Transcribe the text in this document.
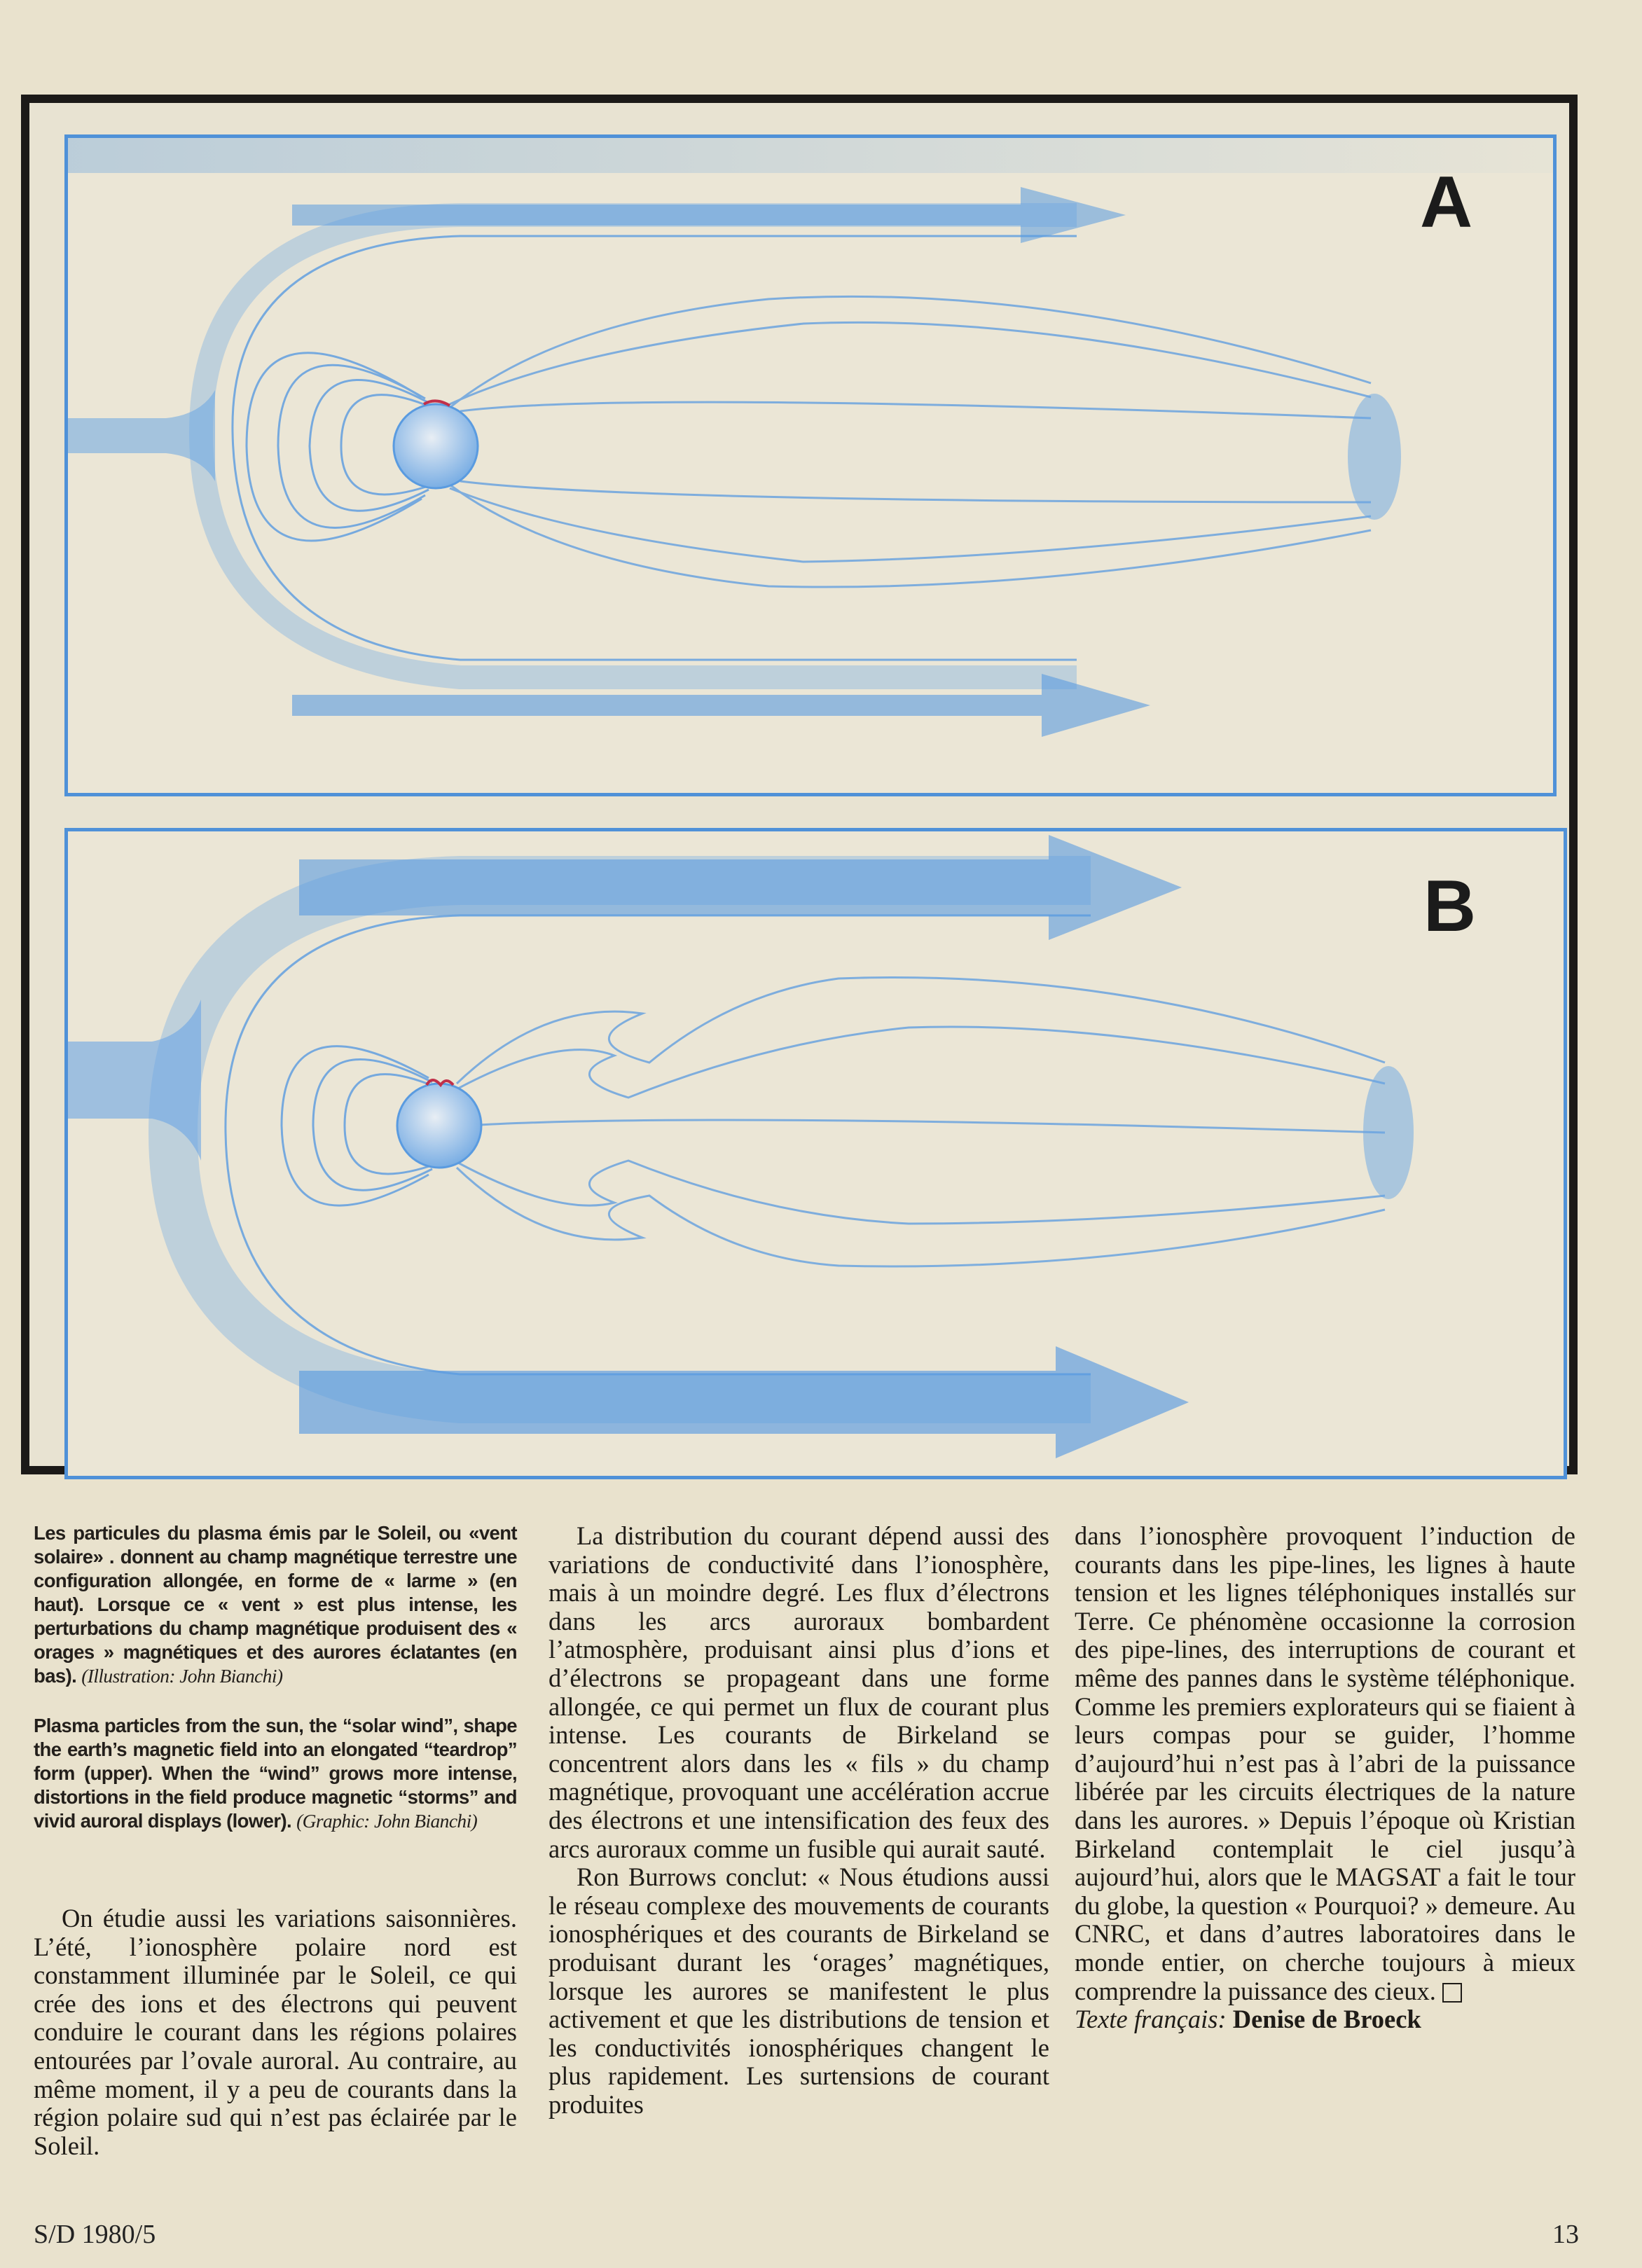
A
B
Les particules du plasma émis par le Soleil, ou «vent solaire» . donnent au champ magnétique terrestre une configuration allongée, en forme de « larme » (en haut). Lorsque ce « vent » est plus intense, les perturbations du champ magnétique produisent des « orages » magnétiques et des aurores éclatantes (en bas). (Illustration: John Bianchi)
Plasma particles from the sun, the “solar wind”, shape the earth’s magnetic field into an elongated “teardrop” form (upper). When the “wind” grows more intense, distortions in the field produce magnetic “storms” and vivid auroral displays (lower). (Graphic: John Bianchi)

On étudie aussi les variations saisonnières. L’été, l’ionosphère polaire nord est constamment illuminée par le Soleil, ce qui crée des ions et des électrons qui peuvent conduire le courant dans les régions polaires entourées par l’ovale auroral. Au contraire, au même moment, il y a peu de courants dans la région polaire sud qui n’est pas éclairée par le Soleil.

La distribution du courant dépend aussi des variations de conductivité dans l’ionosphère, mais à un moindre degré. Les flux d’électrons dans les arcs auroraux bombardent l’atmosphère, produisant ainsi plus d’ions et d’électrons se propageant dans une forme allongée, ce qui permet un flux de courant plus intense. Les courants de Birkeland se concentrent alors dans les « fils » du champ magnétique, provoquant une accélération accrue des électrons et une intensification des feux des arcs auroraux comme un fusible qui aurait sauté.

Ron Burrows conclut: « Nous étudions aussi le réseau complexe des mouvements de courants ionosphériques et des courants de Birkeland se produisant durant les ‘orages’ magnétiques, lorsque les aurores se manifestent le plus activement et que les distributions de tension et les conductivités ionosphériques changent le plus rapidement. Les surtensions de courant produites

dans l’ionosphère provoquent l’induction de courants dans les pipe-lines, les lignes à haute tension et les lignes téléphoniques installés sur Terre. Ce phénomène occasionne la corrosion des pipe-lines, des interruptions de courant et même des pannes dans le système téléphonique. Comme les premiers explorateurs qui se fiaient à leurs compas pour se guider, l’homme d’aujourd’hui n’est pas à l’abri de la puissance libérée par les circuits électriques de la nature dans les aurores. » Depuis l’époque où Kristian Birkeland contemplait le ciel jusqu’à aujourd’hui, alors que le MAGSAT a fait le tour du globe, la question « Pourquoi? » demeure. Au CNRC, et dans d’autres laboratoires dans le monde entier, on cherche toujours à mieux comprendre la puissance des cieux.

Texte français: Denise de Broeck

S/D 1980/5	13
